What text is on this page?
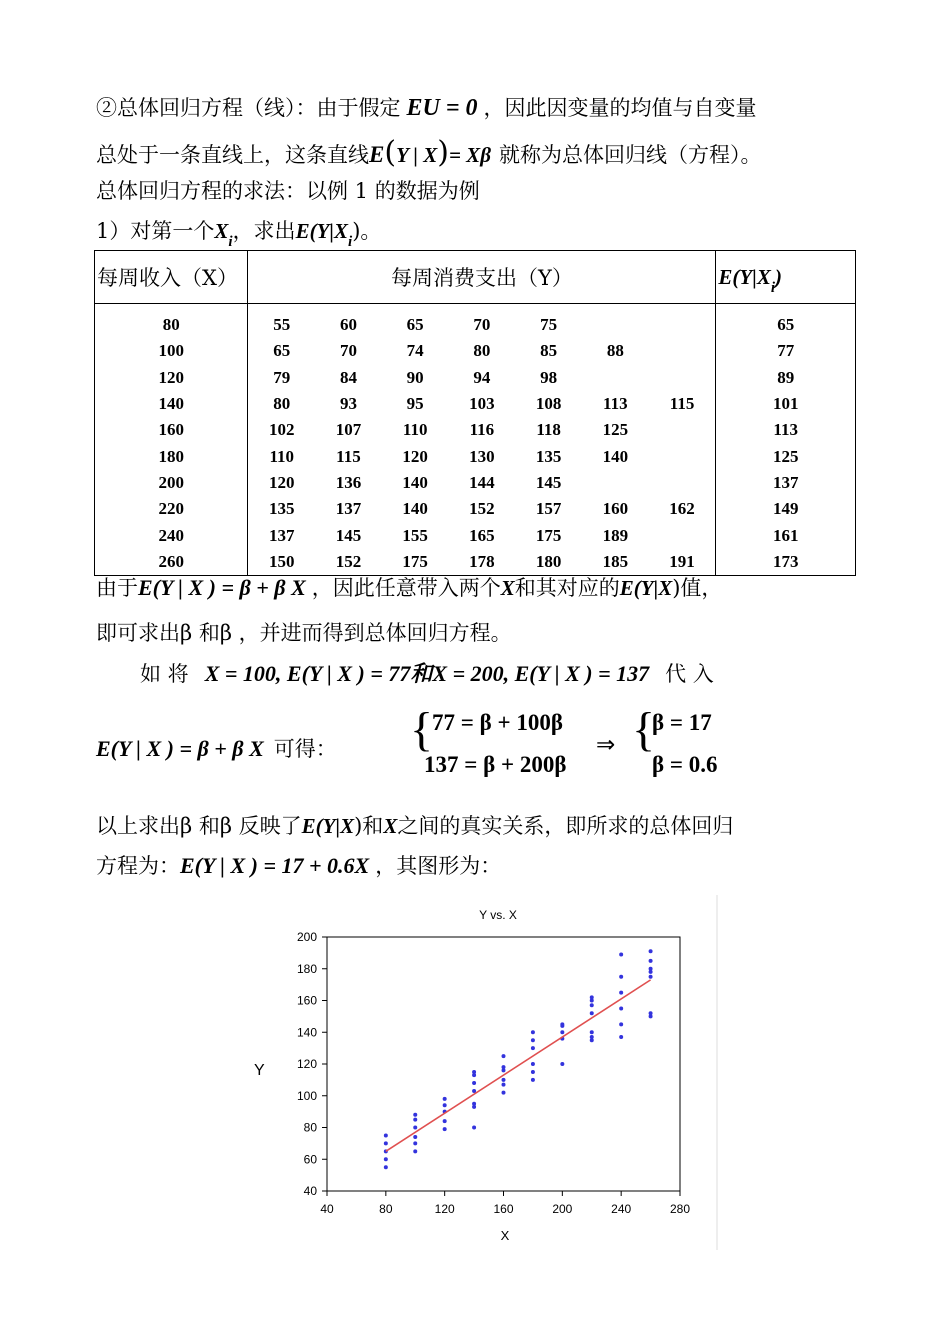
②总体回归方程（线）：由于假定 EU = 0 ，因此因变量的均值与自变量
总处于一条直线上，这条直线E(Y | X)= Xβ 就称为总体回归线（方程）。
总体回归方程的求法：以例 1 的数据为例
1）对第一个$X_i$，求出$E(Y|X_i)$。
每周收入（X）	每周消费支出（Y）							$E(Y|X_i)$
80	55	60	65	70	75			65
100	65	70	74	80	85	88		77
120	79	84	90	94	98			89
140	80	93	95	103	108	113	115	101
160	102	107	110	116	118	125		113
180	110	115	120	130	135	140		125
200	120	136	140	144	145			137
220	135	137	140	152	157	160	162	149
240	137	145	155	165	175	189		161
260	150	152	175	178	180	185	191	173
由于E(Y | X ) = β + β X ，因此任意带入两个X和其对应的E(Y|X)值，
即可求出β 和β ，并进而得到总体回归方程。
如 将 X = 100, E(Y | X ) = 77和X = 200, E(Y | X ) = 137 代 入
E(Y | X ) = β + β X 可得： {
77 = β + 100β
137 = β + 200β
⇒ {
β = 17
β = 0.6
以上求出β 和β 反映了E(Y|X)和X之间的真实关系，即所求的总体回归
方程为：E(Y | X ) = 17 + 0.6X ，其图形为：
Y vs. X
Y
X
40	80	120	160	200	240	280
40
60
80
100
120
140
160
180
200
